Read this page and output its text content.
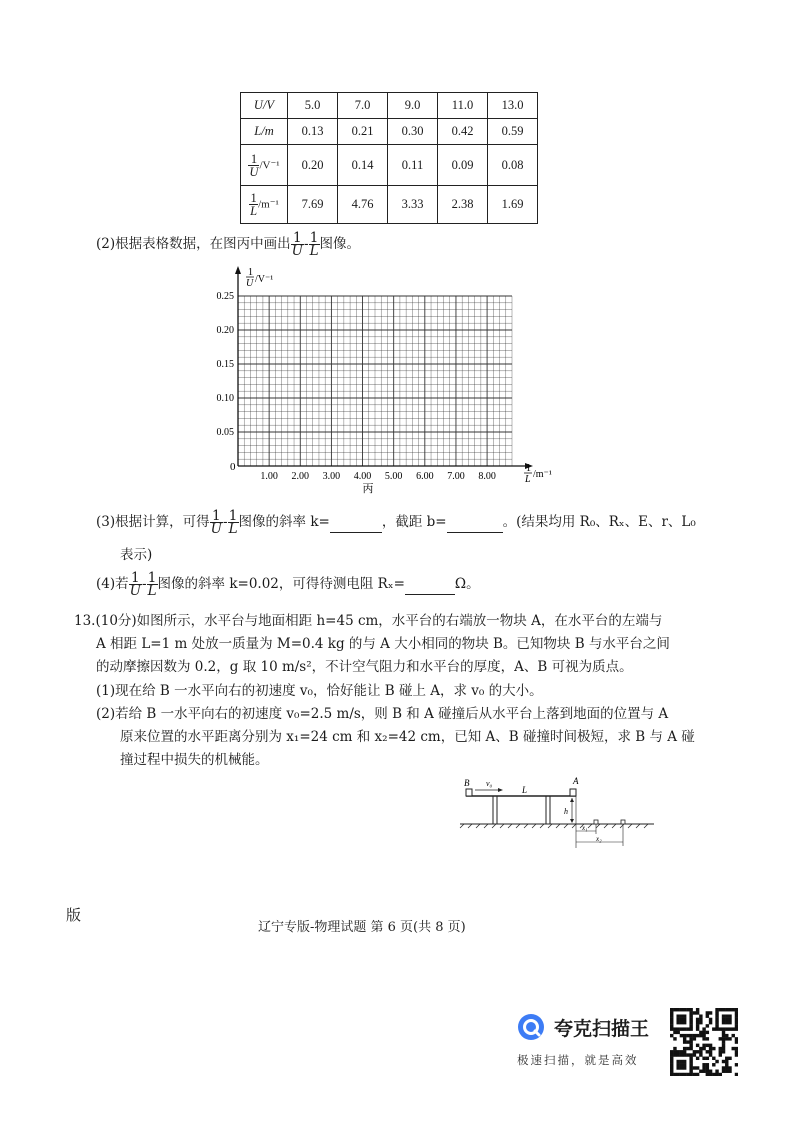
U/V	5.0	7.0	9.0	11.0	13.0
L/m	0.13	0.21	0.30	0.42	0.59

$\frac{1}{U} /V^{-1}$	0.20	0.14	0.11	0.09	0.08

$\frac{1}{L} /m^{-1}$	7.69	4.76	3.33	2.38	1.69
(2)根据表格数据，在图丙中画出 $\frac{1}{U} - \frac{1}{L}$ 图像。
0.25
0.20
0.15
0.10
0.05
1.00 2.00 3.00 4.00 5.00 6.00 7.00 8.00
1
U /V⁻¹
1
L /m⁻¹
0
丙
(3)根据计算，可得 $\frac{1}{U} - \frac{1}{L}$ 图像的斜率 k=	，截距 b=	。(结果均用 R₀、Rₓ、E、r、L₀
表示)
(4)若 $\frac{1}{U} - \frac{1}{L}$ 图像的斜率 k=0.02，可得待测电阻 Rₓ=	Ω。
13.(10分)如图所示，水平台与地面相距 h=45 cm，水平台的右端放一物块 A，在水平台的左端与
A 相距 L=1 m 处放一质量为 M=0.4 kg 的与 A 大小相同的物块 B。已知物块 B 与水平台之间
的动摩擦因数为 0.2，g 取 10 m/s²，不计空气阻力和水平台的厚度，A、B 可视为质点。
(1)现在给 B 一水平向右的初速度 v₀，恰好能让 B 碰上 A，求 v₀ 的大小。
(2)若给 B 一水平向右的初速度 v₀=2.5 m/s，则 B 和 A 碰撞后从水平台上落到地面的位置与 A
原来位置的水平距离分别为 x₁=24 cm 和 x₂=42 cm，已知 A、B 碰撞时间极短，求 B 与 A 碰
撞过程中损失的机械能。
B v₀
L
A
h
x₁
x₂
版
辽宁专版-物理试题 第 6 页(共 8 页)
夸克扫描王
极速扫描，就是高效
